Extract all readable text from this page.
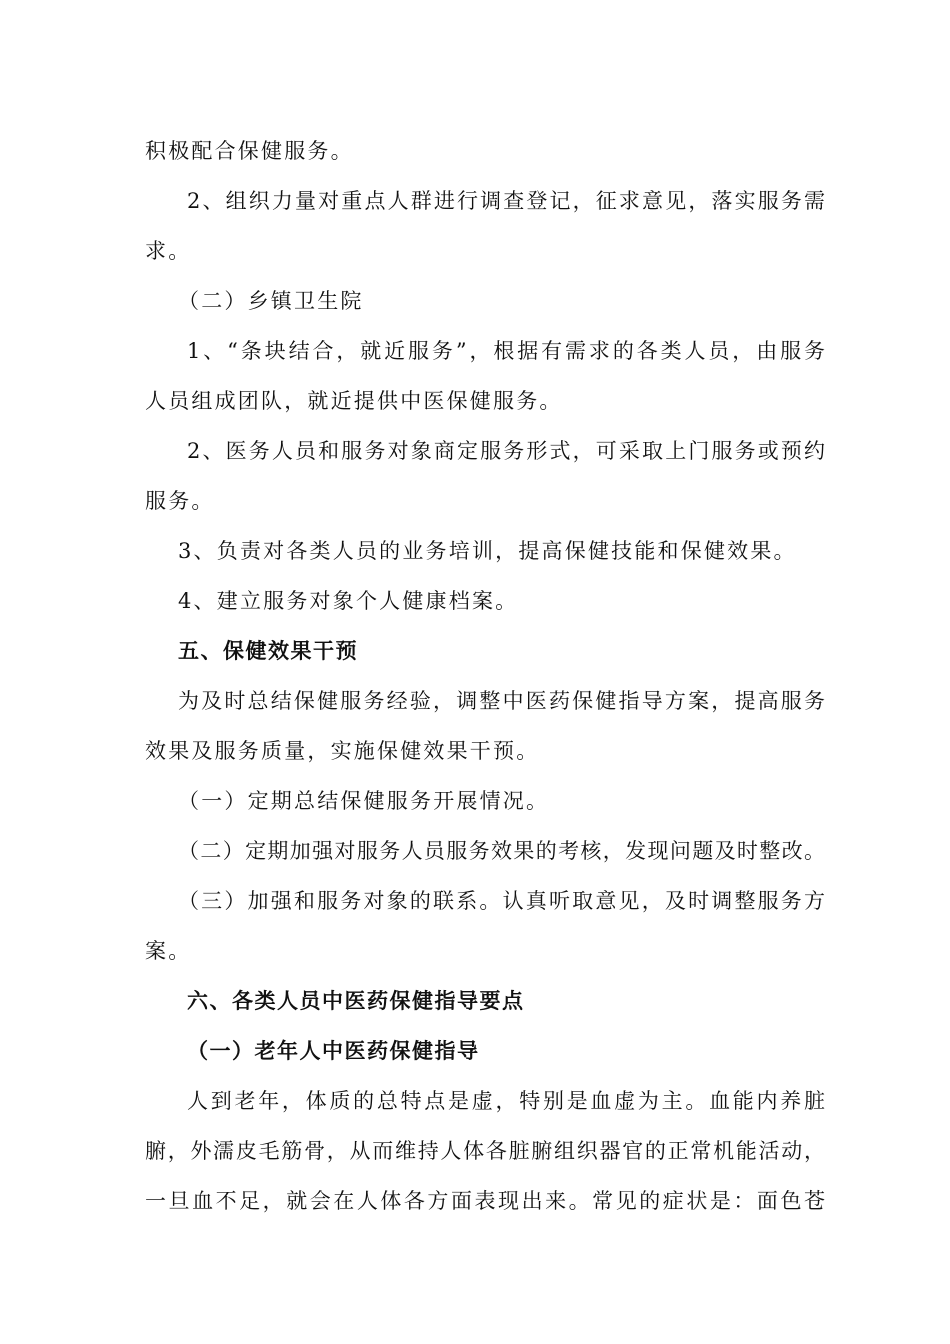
积极配合保健服务。
2、组织力量对重点人群进行调查登记，征求意见，落实服务需
求。
（二）乡镇卫生院
1、“条块结合，就近服务”，根据有需求的各类人员，由服务
人员组成团队，就近提供中医保健服务。
2、医务人员和服务对象商定服务形式，可采取上门服务或预约
服务。
3、负责对各类人员的业务培训，提高保健技能和保健效果。
4、建立服务对象个人健康档案。
五、保健效果干预
为及时总结保健服务经验，调整中医药保健指导方案，提高服务
效果及服务质量，实施保健效果干预。
（一）定期总结保健服务开展情况。
（二）定期加强对服务人员服务效果的考核，发现问题及时整改。
（三）加强和服务对象的联系。认真听取意见，及时调整服务方
案。
六、各类人员中医药保健指导要点
（一）老年人中医药保健指导
人到老年，体质的总特点是虚，特别是血虚为主。血能内养脏
腑，外濡皮毛筋骨，从而维持人体各脏腑组织器官的正常机能活动，
一旦血不足，就会在人体各方面表现出来。常见的症状是：面色苍
